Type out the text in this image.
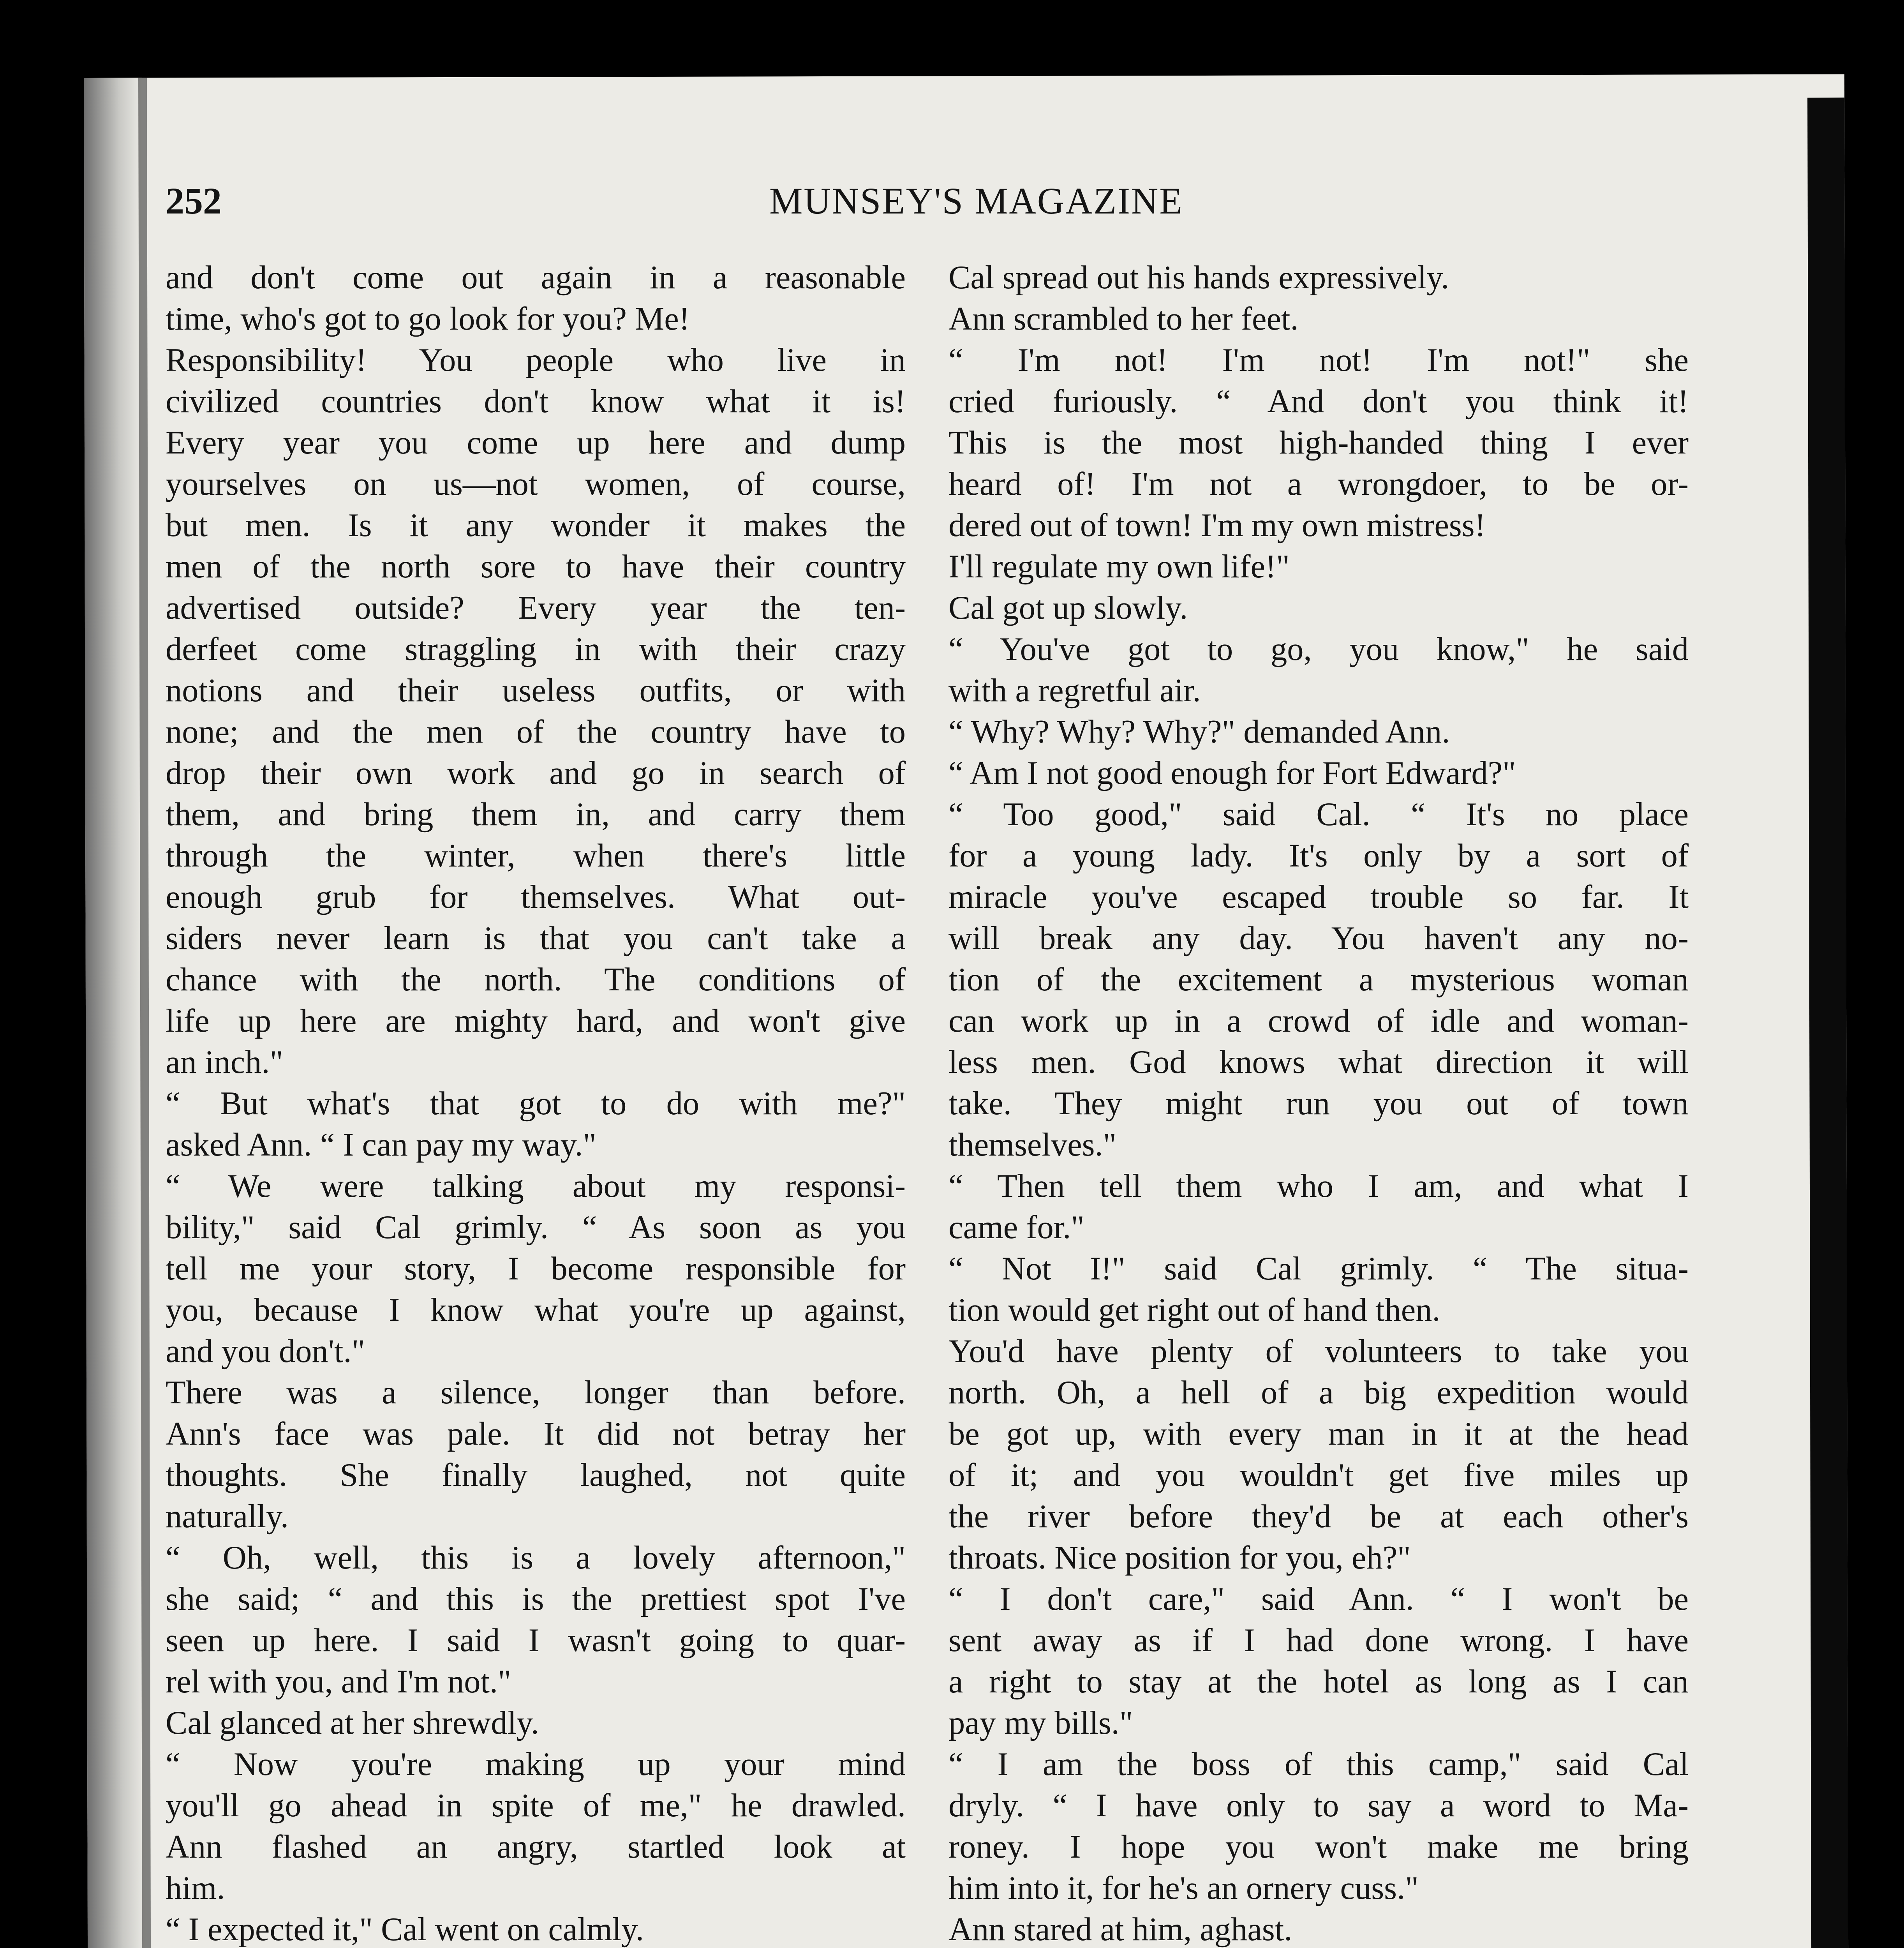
252	MUNSEY'S MAGAZINE
and don't come out again in a reasonable
time, who's got to go look for you? Me!
Responsibility! You people who live in
civilized countries don't know what it is!
Every year you come up here and dump
yourselves on us—not women, of course,
but men. Is it any wonder it makes the
men of the north sore to have their country
advertised outside? Every year the ten-
derfeet come straggling in with their crazy
notions and their useless outfits, or with
none; and the men of the country have to
drop their own work and go in search of
them, and bring them in, and carry them
through the winter, when there's little
enough grub for themselves. What out-
siders never learn is that you can't take a
chance with the north. The conditions of
life up here are mighty hard, and won't give
an inch."
“ But what's that got to do with me?"
asked Ann. “ I can pay my way."
“ We were talking about my responsi-
bility," said Cal grimly. “ As soon as you
tell me your story, I become responsible for
you, because I know what you're up against,
and you don't."
There was a silence, longer than before.
Ann's face was pale. It did not betray her
thoughts. She finally laughed, not quite
naturally.
“ Oh, well, this is a lovely afternoon,"
she said; “ and this is the prettiest spot I've
seen up here. I said I wasn't going to quar-
rel with you, and I'm not."
Cal glanced at her shrewdly.
“ Now you're making up your mind
you'll go ahead in spite of me," he drawled.
Ann flashed an angry, startled look at
him.
“ I expected it," Cal went on calmly.
Cal spread out his hands expressively.
Ann scrambled to her feet.
“ I'm not! I'm not! I'm not!" she
cried furiously. “ And don't you think it!
This is the most high-handed thing I ever
heard of! I'm not a wrongdoer, to be or-
dered out of town! I'm my own mistress!
I'll regulate my own life!"
Cal got up slowly.
“ You've got to go, you know," he said
with a regretful air.
“ Why? Why? Why?" demanded Ann.
“ Am I not good enough for Fort Edward?"
“ Too good," said Cal. “ It's no place
for a young lady. It's only by a sort of
miracle you've escaped trouble so far. It
will break any day. You haven't any no-
tion of the excitement a mysterious woman
can work up in a crowd of idle and woman-
less men. God knows what direction it will
take. They might run you out of town
themselves."
“ Then tell them who I am, and what I
came for."
“ Not I!" said Cal grimly. “ The situa-
tion would get right out of hand then.
You'd have plenty of volunteers to take you
north. Oh, a hell of a big expedition would
be got up, with every man in it at the head
of it; and you wouldn't get five miles up
the river before they'd be at each other's
throats. Nice position for you, eh?"
“ I don't care," said Ann. “ I won't be
sent away as if I had done wrong. I have
a right to stay at the hotel as long as I can
pay my bills."
“ I am the boss of this camp," said Cal
dryly. “ I have only to say a word to Ma-
roney. I hope you won't make me bring
him into it, for he's an ornery cuss."
Ann stared at him, aghast.
